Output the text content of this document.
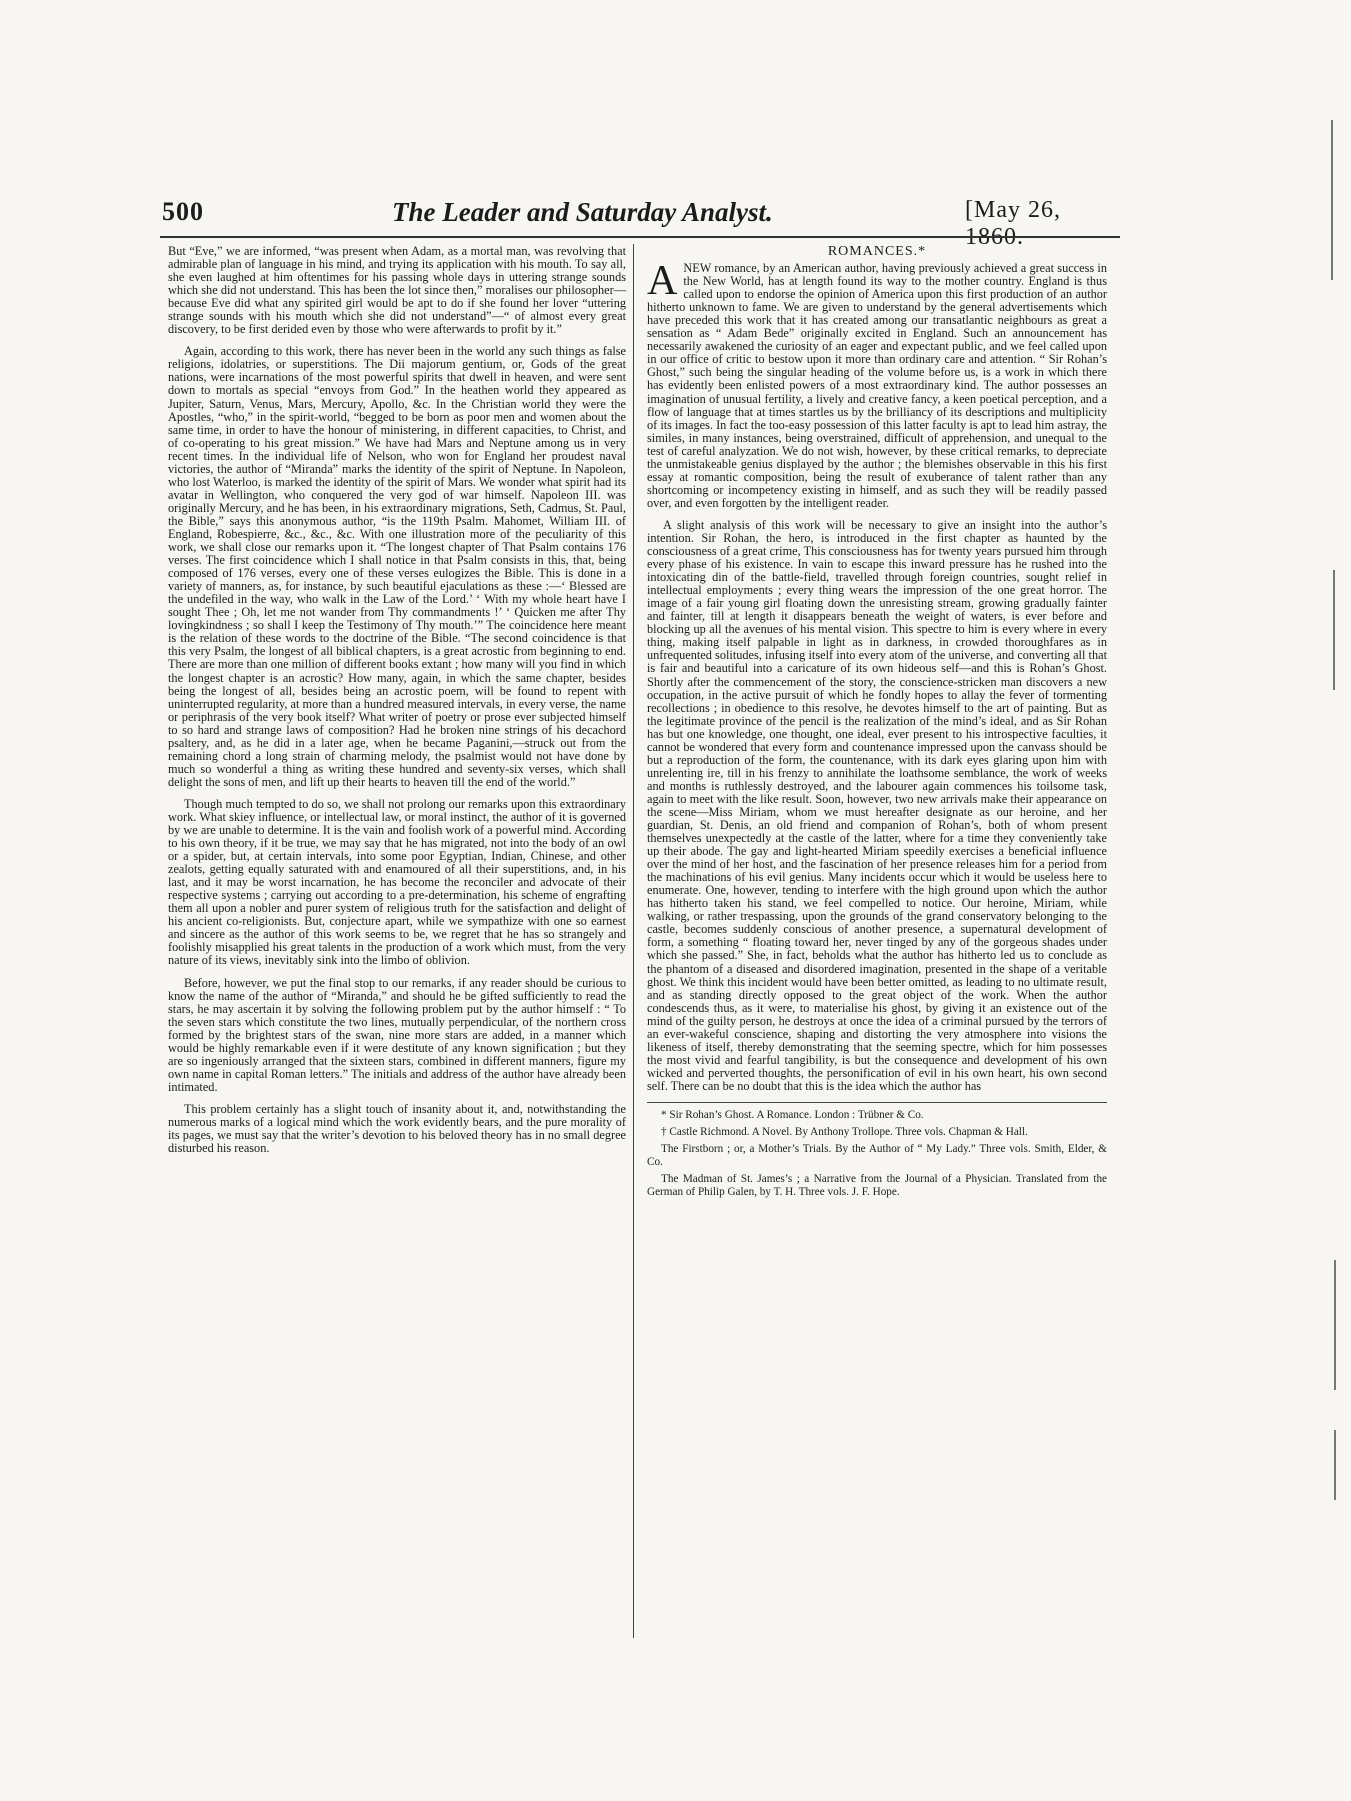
500	The Leader and Saturday Analyst.	[May 26, 1860.

But “Eve,” we are informed, “was present when Adam, as a mortal man, was revolving that admirable plan of language in his mind, and trying its application with his mouth. To say all, she even laughed at him oftentimes for his passing whole days in uttering strange sounds which she did not understand. This has been the lot since then,” moralises our philosopher—because Eve did what any spirited girl would be apt to do if she found her lover “uttering strange sounds with his mouth which she did not understand”—“ of almost every great discovery, to be first derided even by those who were afterwards to profit by it.”

Again, according to this work, there has never been in the world any such things as false religions, idolatries, or superstitions. The Dii majorum gentium, or, Gods of the great nations, were incarnations of the most powerful spirits that dwell in heaven, and were sent down to mortals as special “envoys from God.” In the heathen world they appeared as Jupiter, Saturn, Venus, Mars, Mercury, Apollo, &c. In the Christian world they were the Apostles, “who,” in the spirit-world, “begged to be born as poor men and women about the same time, in order to have the honour of ministering, in different capacities, to Christ, and of co-operating to his great mission.” We have had Mars and Neptune among us in very recent times. In the individual life of Nelson, who won for England her proudest naval victories, the author of “Miranda” marks the identity of the spirit of Neptune. In Napoleon, who lost Waterloo, is marked the identity of the spirit of Mars. We wonder what spirit had its avatar in Wellington, who conquered the very god of war himself. Napoleon III. was originally Mercury, and he has been, in his extraordinary migrations, Seth, Cadmus, St. Paul, the Bible,” says this anonymous author, “is the 119th Psalm. Mahomet, William III. of England, Robespierre, &c., &c., &c. With one illustration more of the peculiarity of this work, we shall close our remarks upon it. “The longest chapter of That Psalm contains 176 verses. The first coincidence which I shall notice in that Psalm consists in this, that, being composed of 176 verses, every one of these verses eulogizes the Bible. This is done in a variety of manners, as, for instance, by such beautiful ejaculations as these :—‘ Blessed are the undefiled in the way, who walk in the Law of the Lord.’ ‘ With my whole heart have I sought Thee ; Oh, let me not wander from Thy commandments !’ ‘ Quicken me after Thy lovingkindness ; so shall I keep the Testimony of Thy mouth.’” The coincidence here meant is the relation of these words to the doctrine of the Bible. “The second coincidence is that this very Psalm, the longest of all biblical chapters, is a great acrostic from beginning to end. There are more than one million of different books extant ; how many will you find in which the longest chapter is an acrostic? How many, again, in which the same chapter, besides being the longest of all, besides being an acrostic poem, will be found to repent with uninterrupted regularity, at more than a hundred measured intervals, in every verse, the name or periphrasis of the very book itself? What writer of poetry or prose ever subjected himself to so hard and strange laws of composition? Had he broken nine strings of his decachord psaltery, and, as he did in a later age, when he became Paganini,—struck out from the remaining chord a long strain of charming melody, the psalmist would not have done by much so wonderful a thing as writing these hundred and seventy-six verses, which shall delight the sons of men, and lift up their hearts to heaven till the end of the world.”

Though much tempted to do so, we shall not prolong our remarks upon this extraordinary work. What skiey influence, or intellectual law, or moral instinct, the author of it is governed by we are unable to determine. It is the vain and foolish work of a powerful mind. According to his own theory, if it be true, we may say that he has migrated, not into the body of an owl or a spider, but, at certain intervals, into some poor Egyptian, Indian, Chinese, and other zealots, getting equally saturated with and enamoured of all their superstitions, and, in his last, and it may be worst incarnation, he has become the reconciler and advocate of their respective systems ; carrying out according to a pre-determination, his scheme of engrafting them all upon a nobler and purer system of religious truth for the satisfaction and delight of his ancient co-religionists. But, conjecture apart, while we sympathize with one so earnest and sincere as the author of this work seems to be, we regret that he has so strangely and foolishly misapplied his great talents in the production of a work which must, from the very nature of its views, inevitably sink into the limbo of oblivion.

Before, however, we put the final stop to our remarks, if any reader should be curious to know the name of the author of “Miranda,” and should he be gifted sufficiently to read the stars, he may ascertain it by solving the following problem put by the author himself : “ To the seven stars which constitute the two lines, mutually perpendicular, of the northern cross formed by the brightest stars of the swan, nine more stars are added, in a manner which would be highly remarkable even if it were destitute of any known signification ; but they are so ingeniously arranged that the sixteen stars, combined in different manners, figure my own name in capital Roman letters.” The initials and address of the author have already been intimated.

This problem certainly has a slight touch of insanity about it, and, notwithstanding the numerous marks of a logical mind which the work evidently bears, and the pure morality of its pages, we must say that the writer’s devotion to his beloved theory has in no small degree disturbed his reason.

ROMANCES.*

ANEW romance, by an American author, having previously achieved a great success in the New World, has at length found its way to the mother country. England is thus called upon to endorse the opinion of America upon this first production of an author hitherto unknown to fame. We are given to understand by the general advertisements which have preceded this work that it has created among our transatlantic neighbours as great a sensation as “ Adam Bede” originally excited in England. Such an announcement has necessarily awakened the curiosity of an eager and expectant public, and we feel called upon in our office of critic to bestow upon it more than ordinary care and attention. “ Sir Rohan’s Ghost,” such being the singular heading of the volume before us, is a work in which there has evidently been enlisted powers of a most extraordinary kind. The author possesses an imagination of unusual fertility, a lively and creative fancy, a keen poetical perception, and a flow of language that at times startles us by the brilliancy of its descriptions and multiplicity of its images. In fact the too-easy possession of this latter faculty is apt to lead him astray, the similes, in many instances, being overstrained, difficult of apprehension, and unequal to the test of careful analyzation. We do not wish, however, by these critical remarks, to depreciate the unmistakeable genius displayed by the author ; the blemishes observable in this his first essay at romantic composition, being the result of exuberance of talent rather than any shortcoming or incompetency existing in himself, and as such they will be readily passed over, and even forgotten by the intelligent reader.

A slight analysis of this work will be necessary to give an insight into the author’s intention. Sir Rohan, the hero, is introduced in the first chapter as haunted by the consciousness of a great crime, This consciousness has for twenty years pursued him through every phase of his existence. In vain to escape this inward pressure has he rushed into the intoxicating din of the battle-field, travelled through foreign countries, sought relief in intellectual employments ; every thing wears the impression of the one great horror. The image of a fair young girl floating down the unresisting stream, growing gradually fainter and fainter, till at length it disappears beneath the weight of waters, is ever before and blocking up all the avenues of his mental vision. This spectre to him is every where in every thing, making itself palpable in light as in darkness, in crowded thoroughfares as in unfrequented solitudes, infusing itself into every atom of the universe, and converting all that is fair and beautiful into a caricature of its own hideous self—and this is Rohan’s Ghost. Shortly after the commencement of the story, the conscience-stricken man discovers a new occupation, in the active pursuit of which he fondly hopes to allay the fever of tormenting recollections ; in obedience to this resolve, he devotes himself to the art of painting. But as the legitimate province of the pencil is the realization of the mind’s ideal, and as Sir Rohan has but one knowledge, one thought, one ideal, ever present to his introspective faculties, it cannot be wondered that every form and countenance impressed upon the canvass should be but a reproduction of the form, the countenance, with its dark eyes glaring upon him with unrelenting ire, till in his frenzy to annihilate the loathsome semblance, the work of weeks and months is ruthlessly destroyed, and the labourer again commences his toilsome task, again to meet with the like result. Soon, however, two new arrivals make their appearance on the scene—Miss Miriam, whom we must hereafter designate as our heroine, and her guardian, St. Denis, an old friend and companion of Rohan’s, both of whom present themselves unexpectedly at the castle of the latter, where for a time they conveniently take up their abode. The gay and light-hearted Miriam speedily exercises a beneficial influence over the mind of her host, and the fascination of her presence releases him for a period from the machinations of his evil genius. Many incidents occur which it would be useless here to enumerate. One, however, tending to interfere with the high ground upon which the author has hitherto taken his stand, we feel compelled to notice. Our heroine, Miriam, while walking, or rather trespassing, upon the grounds of the grand conservatory belonging to the castle, becomes suddenly conscious of another presence, a supernatural development of form, a something “ floating toward her, never tinged by any of the gorgeous shades under which she passed.” She, in fact, beholds what the author has hitherto led us to conclude as the phantom of a diseased and disordered imagination, presented in the shape of a veritable ghost. We think this incident would have been better omitted, as leading to no ultimate result, and as standing directly opposed to the great object of the work. When the author condescends thus, as it were, to materialise his ghost, by giving it an existence out of the mind of the guilty person, he destroys at once the idea of a criminal pursued by the terrors of an ever-wakeful conscience, shaping and distorting the very atmosphere into visions the likeness of itself, thereby demonstrating that the seeming spectre, which for him possesses the most vivid and fearful tangibility, is but the consequence and development of his own wicked and perverted thoughts, the personification of evil in his own heart, his own second self. There can be no doubt that this is the idea which the author has

* Sir Rohan’s Ghost. A Romance. London : Trübner & Co.
† Castle Richmond. A Novel. By Anthony Trollope. Three vols. Chapman & Hall.
The Firstborn ; or, a Mother’s Trials. By the Author of “ My Lady.” Three vols. Smith, Elder, & Co.
The Madman of St. James’s ; a Narrative from the Journal of a Physician. Translated from the German of Philip Galen, by T. H. Three vols. J. F. Hope.
